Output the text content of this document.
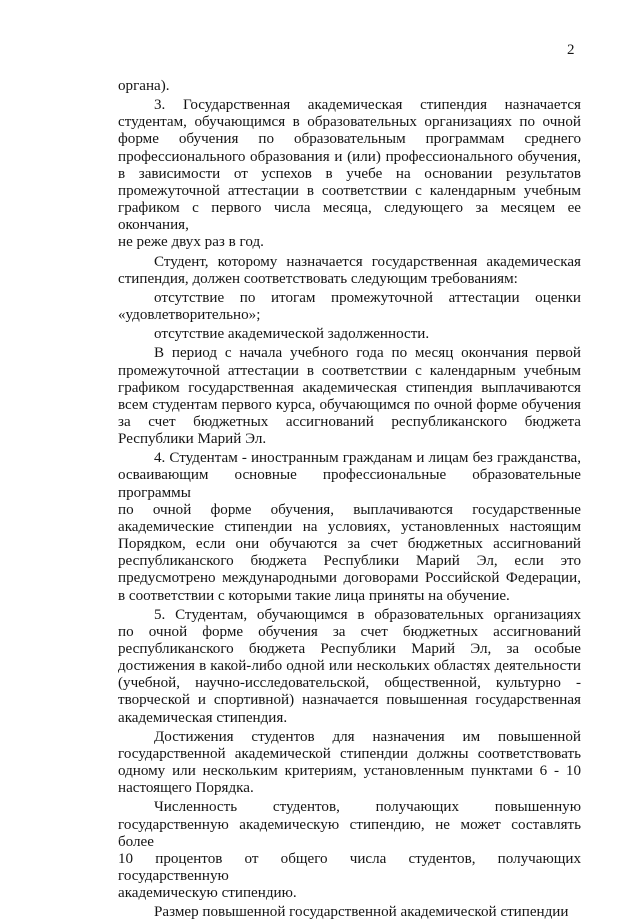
2
органа).
3. Государственная академическая стипендия назначается
студентам, обучающимся в образовательных организациях по очной
форме обучения по образовательным программам среднего
профессионального образования и (или) профессионального обучения,
в зависимости от успехов в учебе на основании результатов
промежуточной аттестации в соответствии с календарным учебным
графиком с первого числа месяца, следующего за месяцем ее окончания,
не реже двух раз в год.
Студент, которому назначается государственная академическая
стипендия, должен соответствовать следующим требованиям:
отсутствие по итогам промежуточной аттестации оценки
«удовлетворительно»;
отсутствие академической задолженности.
В период с начала учебного года по месяц окончания первой
промежуточной аттестации в соответствии с календарным учебным
графиком государственная академическая стипендия выплачиваются
всем студентам первого курса, обучающимся по очной форме обучения
за счет бюджетных ассигнований республиканского бюджета
Республики Марий Эл.
4. Студентам - иностранным гражданам и лицам без гражданства,
осваивающим основные профессиональные образовательные программы
по очной форме обучения, выплачиваются государственные
академические стипендии на условиях, установленных настоящим
Порядком, если они обучаются за счет бюджетных ассигнований
республиканского бюджета Республики Марий Эл, если это
предусмотрено международными договорами Российской Федерации,
в соответствии с которыми такие лица приняты на обучение.
5. Студентам, обучающимся в образовательных организациях
по очной форме обучения за счет бюджетных ассигнований
республиканского бюджета Республики Марий Эл, за особые
достижения в какой-либо одной или нескольких областях деятельности
(учебной, научно-исследовательской, общественной, культурно -
творческой и спортивной) назначается повышенная государственная
академическая стипендия.
Достижения студентов для назначения им повышенной
государственной академической стипендии должны соответствовать
одному или нескольким критериям, установленным пунктами 6 - 10
настоящего Порядка.
Численность студентов, получающих повышенную
государственную академическую стипендию, не может составлять более
10 процентов от общего числа студентов, получающих государственную
академическую стипендию.
Размер повышенной государственной академической стипендии
